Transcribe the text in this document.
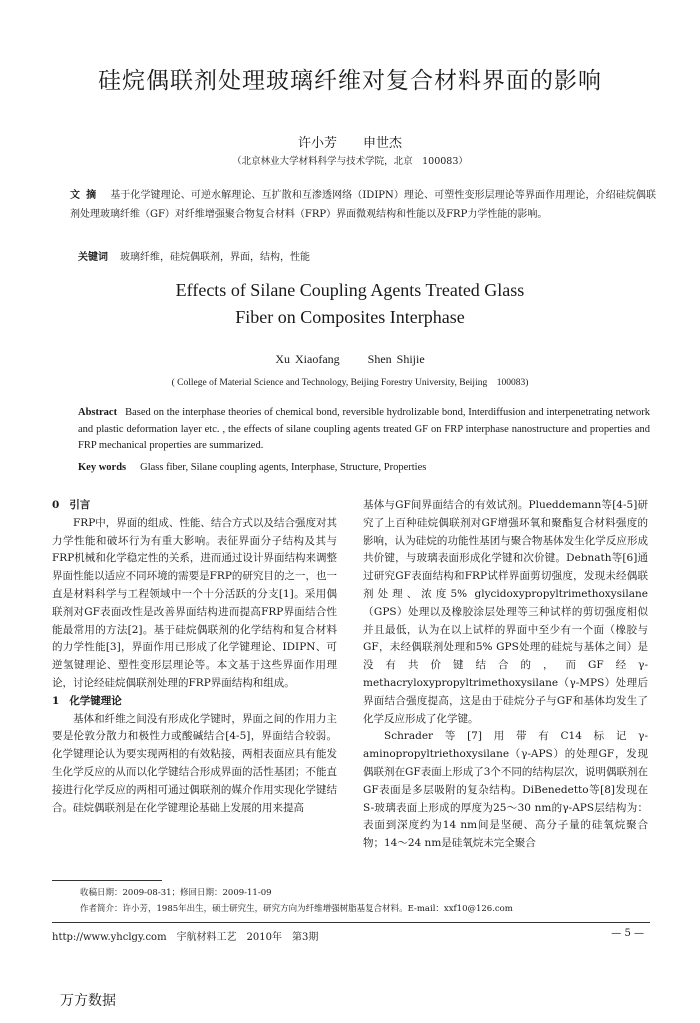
硅烷偶联剂处理玻璃纤维对复合材料界面的影响
许小芳　　申世杰
（北京林业大学材料科学与技术学院，北京　100083）
文摘 基于化学键理论、可逆水解理论、互扩散和互渗透网络（IDIPN）理论、可塑性变形层理论等界面作用理论，介绍硅烷偶联剂处理玻璃纤维（GF）对纤维增强聚合物复合材料（FRP）界面微观结构和性能以及FRP力学性能的影响。
关键词 玻璃纤维，硅烷偶联剂，界面，结构，性能
Effects of Silane Coupling Agents Treated Glass
Fiber on Composites Interphase
Xu Xiaofang Shen Shijie
( College of Material Science and Technology, Beijing Forestry University, Beijing　100083)
Abstract Based on the interphase theories of chemical bond, reversible hydrolizable bond, Interdiffusion and interpenetrating network and plastic deformation layer etc. , the effects of silane coupling agents treated GF on FRP interphase nanostructure and properties and FRP mechanical properties are summarized.
Key words Glass fiber, Silane coupling agents, Interphase, Structure, Properties
0 引言

FRP中，界面的组成、性能、结合方式以及结合强度对其力学性能和破坏行为有重大影响。表征界面分子结构及其与FRP机械和化学稳定性的关系，进而通过设计界面结构来调整界面性能以适应不同环境的需要是FRP的研究目的之一，也一直是材料科学与工程领域中一个十分活跃的分支[1]。采用偶联剂对GF表面改性是改善界面结构进而提高FRP界面结合性能最常用的方法[2]。基于硅烷偶联剂的化学结构和复合材料的力学性能[3]，界面作用已形成了化学键理论、IDIPN、可逆氢键理论、塑性变形层理论等。本文基于这些界面作用理论，讨论经硅烷偶联剂处理的FRP界面结构和组成。

1 化学键理论

基体和纤维之间没有形成化学键时，界面之间的作用力主要是伦敦分散力和极性力或酸碱结合[4-5]，界面结合较弱。化学键理论认为要实现两相的有效粘接，两相表面应具有能发生化学反应的从而以化学键结合形成界面的活性基团；不能直接进行化学反应的两相可通过偶联剂的媒介作用实现化学键结合。硅烷偶联剂是在化学键理论基础上发展的用来提高

基体与GF间界面结合的有效试剂。Plueddemann等[4-5]研究了上百种硅烷偶联剂对GF增强环氧和聚酯复合材料强度的影响，认为硅烷的功能性基团与聚合物基体发生化学反应形成共价键，与玻璃表面形成化学键和次价键。Debnath等[6]通过研究GF表面结构和FRP试样界面剪切强度，发现未经偶联剂处理、浓度5% glycidoxypropyltrimethoxysilane（GPS）处理以及橡胶涂层处理等三种试样的剪切强度相似并且最低，认为在以上试样的界面中至少有一个面（橡胶与GF，未经偶联剂处理和5% GPS处理的硅烷与基体之间）是没有共价键结合的，而GF经γ-methacryloxypropyltrimethoxysilane（γ-MPS）处理后界面结合强度提高，这是由于硅烷分子与GF和基体均发生了化学反应形成了化学键。

Schrader等[7]用带有C14标记γ- aminopropyltriethoxysilane（γ-APS）的处理GF，发现偶联剂在GF表面上形成了3个不同的结构层次，说明偶联剂在GF表面是多层吸附的复杂结构。DiBenedetto等[8]发现在S-玻璃表面上形成的厚度为25～30 nm的γ-APS层结构为：表面到深度约为14 nm间是坚硬、高分子量的硅氧烷聚合物；14～24 nm是硅氧烷未完全聚合

收稿日期：2009-08-31；修回日期：2009-11-09
作者简介：许小芳，1985年出生，硕士研究生，研究方向为纤维增强树脂基复合材料。E-mail：xxf10@126.com
http://www.yhclgy.com　宇航材料工艺　2010年　第3期	— 5 —
万方数据
